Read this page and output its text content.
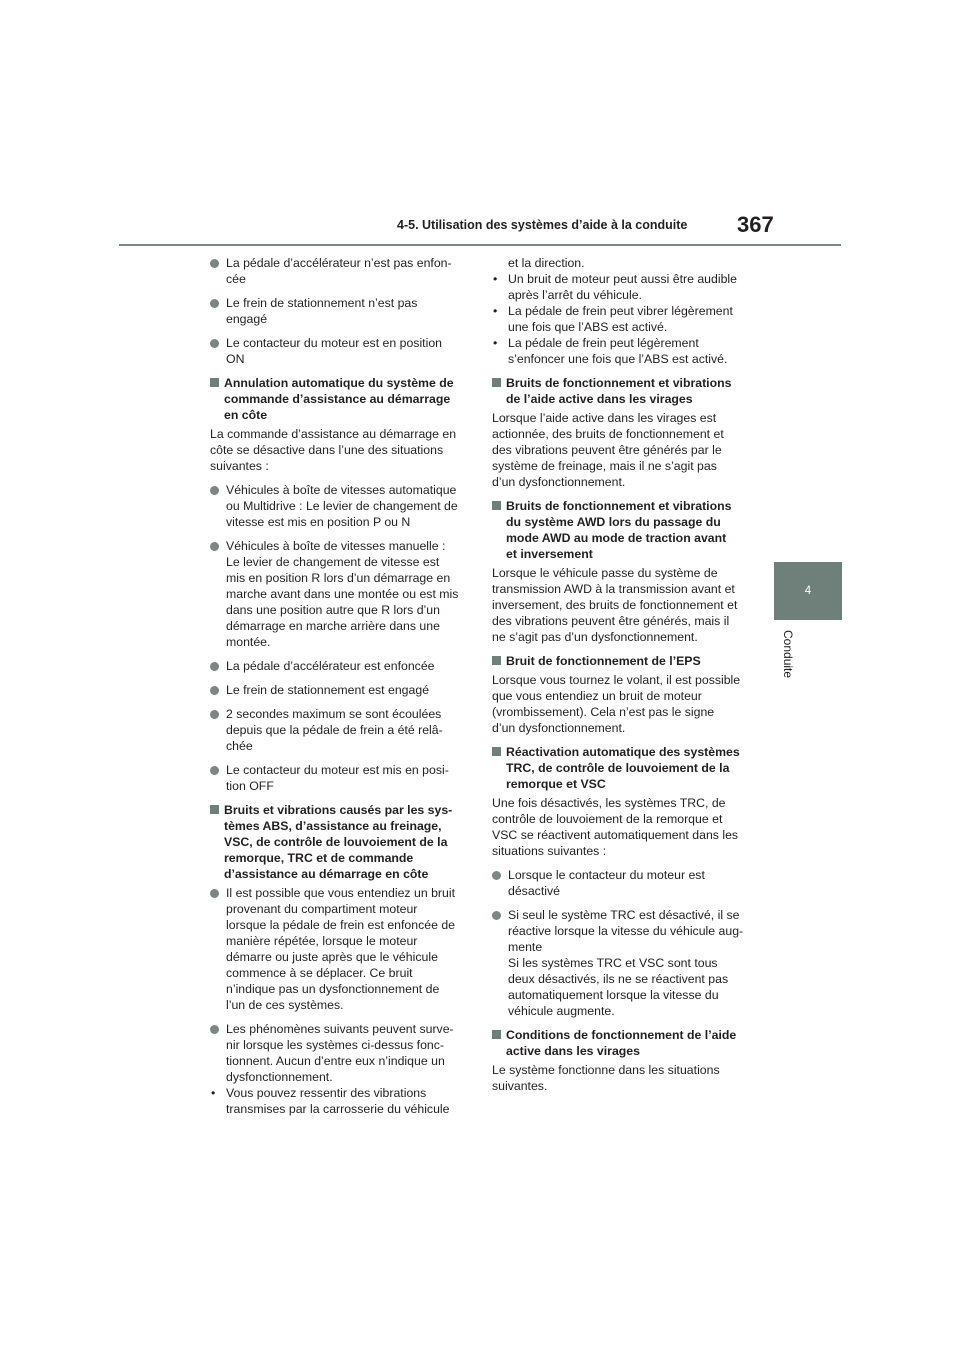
4-5. Utilisation des systèmes d’aide à la conduite 367
4
Conduite
La pédale d’accélérateur n’est pas enfon-
cée
Le frein de stationnement n’est pas
engagé
Le contacteur du moteur est en position
ON
Annulation automatique du système de
commande d’assistance au démarrage
en côte
La commande d’assistance au démarrage en
côte se désactive dans l’une des situations
suivantes :
Véhicules à boîte de vitesses automatique
ou Multidrive : Le levier de changement de
vitesse est mis en position P ou N
Véhicules à boîte de vitesses manuelle :
Le levier de changement de vitesse est
mis en position R lors d’un démarrage en
marche avant dans une montée ou est mis
dans une position autre que R lors d’un
démarrage en marche arrière dans une
montée.
La pédale d’accélérateur est enfoncée
Le frein de stationnement est engagé
2 secondes maximum se sont écoulées
depuis que la pédale de frein a été relâ-
chée
Le contacteur du moteur est mis en posi-
tion OFF
Bruits et vibrations causés par les sys-
tèmes ABS, d’assistance au freinage,
VSC, de contrôle de louvoiement de la
remorque, TRC et de commande
d’assistance au démarrage en côte
Il est possible que vous entendiez un bruit
provenant du compartiment moteur
lorsque la pédale de frein est enfoncée de
manière répétée, lorsque le moteur
démarre ou juste après que le véhicule
commence à se déplacer. Ce bruit
n’indique pas un dysfonctionnement de
l’un de ces systèmes.
Les phénomènes suivants peuvent surve-
nir lorsque les systèmes ci-dessus fonc-
tionnent. Aucun d’entre eux n’indique un
dysfonctionnement.
• Vous pouvez ressentir des vibrations
transmises par la carrosserie du véhicule
et la direction.
• Un bruit de moteur peut aussi être audible
après l’arrêt du véhicule.
• La pédale de frein peut vibrer légèrement
une fois que l’ABS est activé.
• La pédale de frein peut légèrement
s’enfoncer une fois que l’ABS est activé.
Bruits de fonctionnement et vibrations
de l’aide active dans les virages
Lorsque l’aide active dans les virages est
actionnée, des bruits de fonctionnement et
des vibrations peuvent être générés par le
système de freinage, mais il ne s’agit pas
d’un dysfonctionnement.
Bruits de fonctionnement et vibrations
du système AWD lors du passage du
mode AWD au mode de traction avant
et inversement
Lorsque le véhicule passe du système de
transmission AWD à la transmission avant et
inversement, des bruits de fonctionnement et
des vibrations peuvent être générés, mais il
ne s’agit pas d’un dysfonctionnement.
Bruit de fonctionnement de l’EPS
Lorsque vous tournez le volant, il est possible
que vous entendiez un bruit de moteur
(vrombissement). Cela n’est pas le signe
d’un dysfonctionnement.
Réactivation automatique des systèmes
TRC, de contrôle de louvoiement de la
remorque et VSC
Une fois désactivés, les systèmes TRC, de
contrôle de louvoiement de la remorque et
VSC se réactivent automatiquement dans les
situations suivantes :
Lorsque le contacteur du moteur est
désactivé
Si seul le système TRC est désactivé, il se
réactive lorsque la vitesse du véhicule aug-
mente
Si les systèmes TRC et VSC sont tous
deux désactivés, ils ne se réactivent pas
automatiquement lorsque la vitesse du
véhicule augmente.
Conditions de fonctionnement de l’aide
active dans les virages
Le système fonctionne dans les situations
suivantes.
